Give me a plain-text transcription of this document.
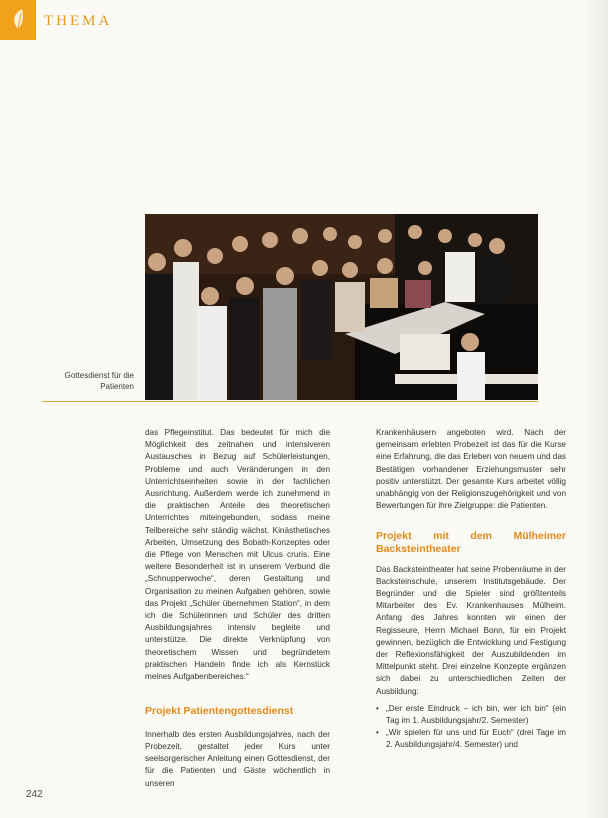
THEMA
Gottesdienst für die
Patienten

das Pflegeinstitut. Das bedeutet für mich die Möglichkeit des zeitnahen und intensiveren Austausches in Bezug auf Schülerleistungen, Probleme und auch Veränderungen in den Unterrichtseinheiten sowie in der fachlichen Ausrichtung. Außerdem werde ich zunehmend in die praktischen Anteile des theoretischen Unterrichtes miteingebunden, sodass meine Teilbereiche sehr ständig wächst. Kinästhetisches Arbeiten, Umsetzung des Bobath-Konzeptes oder die Pflege von Menschen mit Ulcus cruris. Eine weitere Besonderheit ist in unserem Verbund die „Schnupperwoche“, deren Gestaltung und Organisation zu meinen Aufgaben gehören, sowie das Projekt „Schüler übernehmen Station“, in dem ich die Schülerinnen und Schüler des dritten Ausbildungsjahres intensiv begleite und unterstütze. Die direkte Verknüpfung von theoretischem Wissen und begründetem praktischen Handeln finde ich als Kernstück meines Aufgabenbereiches.“

Projekt Patientengottesdienst

Innerhalb des ersten Ausbildungsjahres, nach der Probezeit, gestaltet jeder Kurs unter seelsorgerischer Anleitung einen Gottesdienst, der für die Patienten und Gäste wöchentlich in unseren

Krankenhäusern angeboten wird. Nach der gemeinsam erlebten Probezeit ist das für die Kurse eine Erfahrung, die das Erleben von neuem und das Bestätigen vorhandener Erziehungsmuster sehr positiv unterstützt. Der gesamte Kurs arbeitet völlig unabhängig von der Religionszugehörigkeit und von Bewertungen für ihre Zielgruppe: die Patienten.

Projekt mit dem Mülheimer Backsteintheater

Das Backsteintheater hat seine Probenräume in der Backsteinschule, unserem Institutsgebäude. Der Begründer und die Spieler sind größtenteils Mitarbeiter des Ev. Krankenhauses Mülheim. Anfang des Jahres konnten wir einen der Regisseure, Herrn Michael Bonn, für ein Projekt gewinnen, bezüglich die Entwicklung und Festigung der Reflexionsfähigkeit der Auszubildenden im Mittelpunkt steht. Drei einzelne Konzepte ergänzen sich dabei zu unterschiedlichen Zeiten der Ausbildung:

• „Der erste Eindruck – ich bin, wer ich bin“ (ein Tag im 1. Ausbildungsjahr/2. Semester)
• „Wir spielen für uns und für Euch“ (drei Tage im 2. Ausbildungsjahr/4. Semester) und
242
